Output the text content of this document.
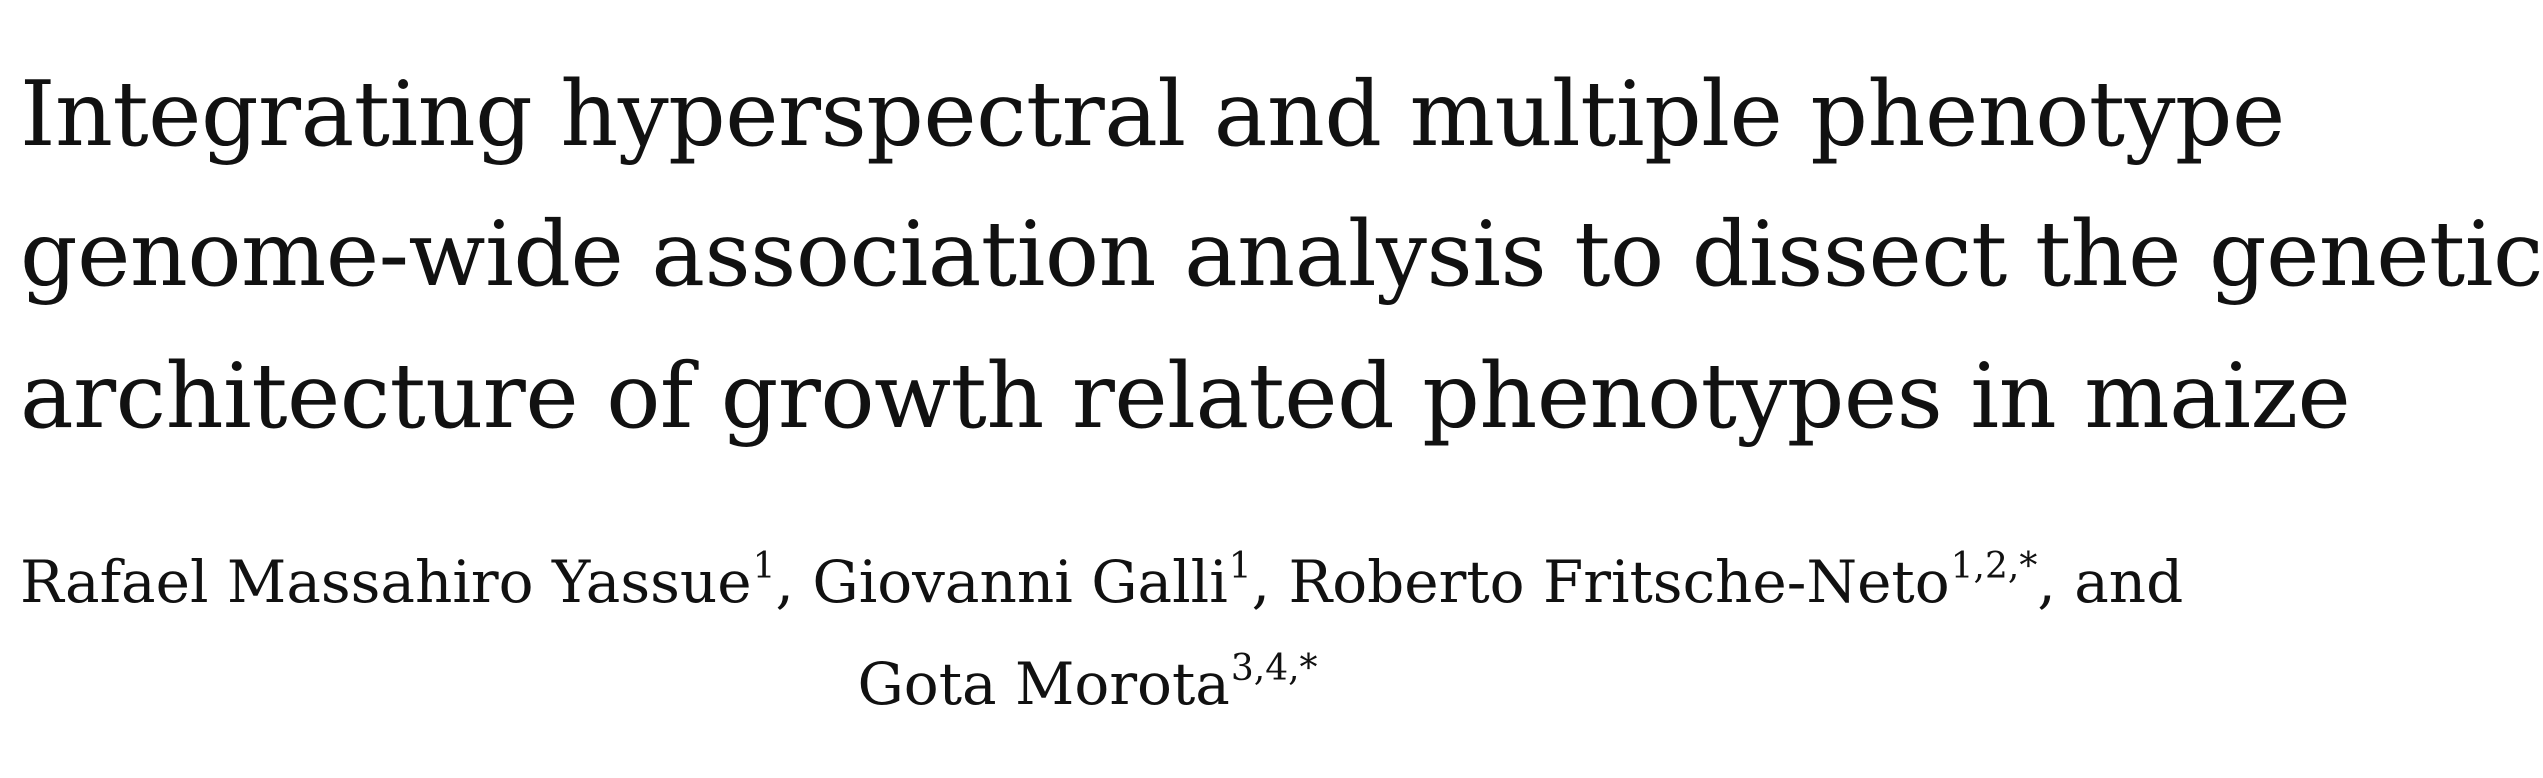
Integrating hyperspectral and multiple phenotype
genome-wide association analysis to dissect the genetic
architecture of growth related phenotypes in maize
Rafael Massahiro Yassue$^1$, Giovanni Galli$^1$, Roberto Fritsche-Neto$^{1,2,*}$, and
Gota Morota$^{3,4,*}$
